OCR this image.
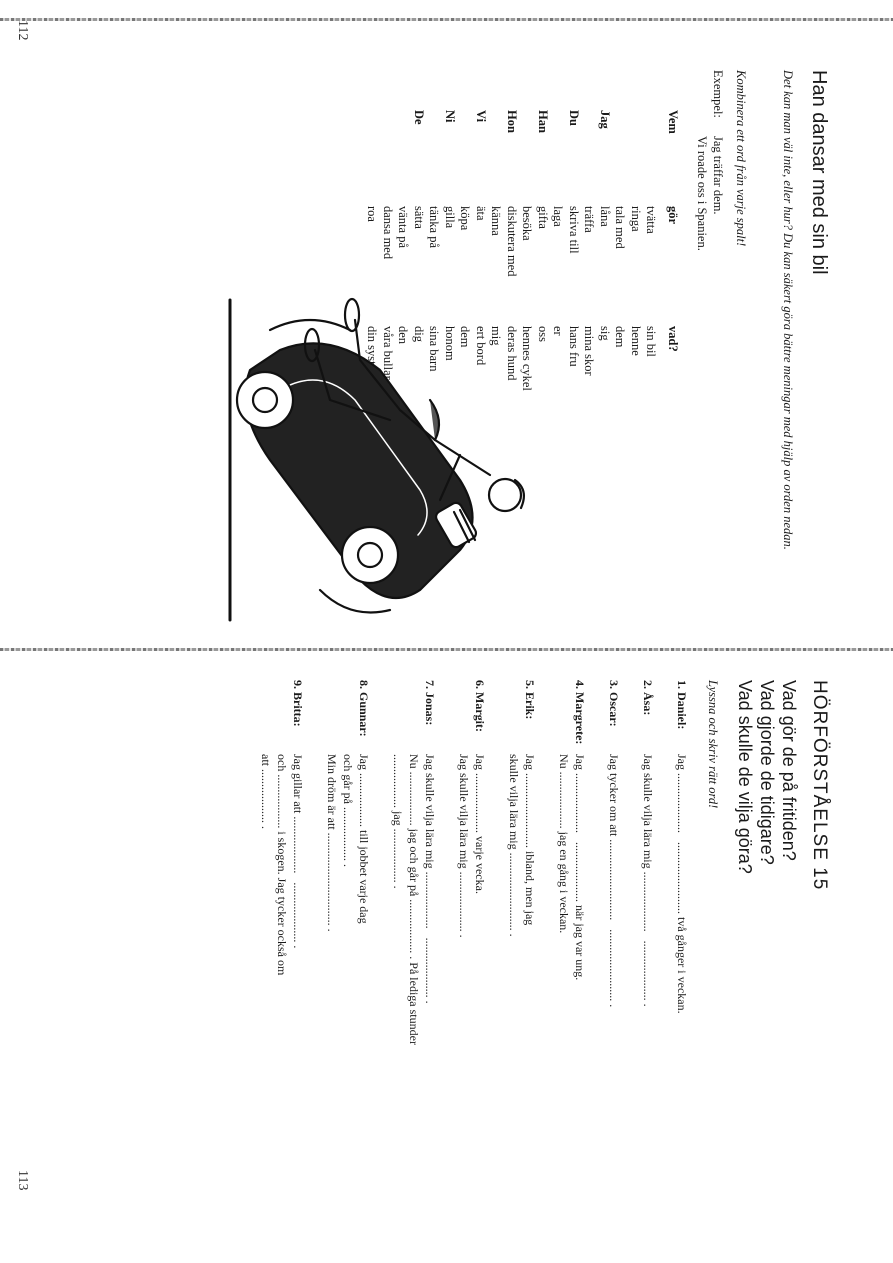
Han dansar med sin bil
Det kan man väl inte, eller hur? Du kan säkert göra bättre meningar med hjälp av orden nedan.
Kombinera ett ord från varje spalt!
Exempel:Jag träffar dem.
Vi roade oss i Spanien.
Vem	gör	vad?
	tvätta	sin bil
	ringa	henne
	tala med	dem
Jag	låna	sig
	träffa	mina skor
Du	skriva till	hans fru
	laga	er
Han	gifta	oss
	besöka	hennes cykel
Hon	diskutera med	deras hund
	känna	mig
Vi	äta	ert bord
	köpa	dem
Ni	gilla	honom
	tänka på	sina barn
De	sätta	dig
	vänta på	den
	dansa med	våra bullar
	roa	din syster
112
HÖRFÖRSTÅELSE 15
Vad gör de på fritiden?
Vad gjorde de tidigare?
Vad skulle de vilja göra?
Lyssna och skriv rätt ord!
1. Daniel:
Jag ....................   ........................ två gånger i veckan.
2. Åsa:
Jag skulle vilja lära mig ....................   .................... .
3. Oscar:
Jag tycker om att ...........................   ........................ .
4. Margrete:
Jag ....................   .................... när jag var ung.
Nu ................... jag en gång i veckan.
5. Erik:
Jag ......................... ibland, men jag
skulle vilja lära mig .......................... .
6. Margit:
Jag .................... varje vecka.
Jag skulle vilja lära mig .................... .
7. Jonas:
Jag skulle vilja lära mig ...................   .................... .
Nu .................. jag och går på .................. . På lediga stunder
.................. jag .................. .
8. Gunnar:
Jag .................. till jobbet varje dag
och går på .................. .
Min dröm är att ............................... .
9. Britta:
Jag gillar att ...................   .................... .
och .................. i skogen. Jag tycker också om
att .................. .
113
